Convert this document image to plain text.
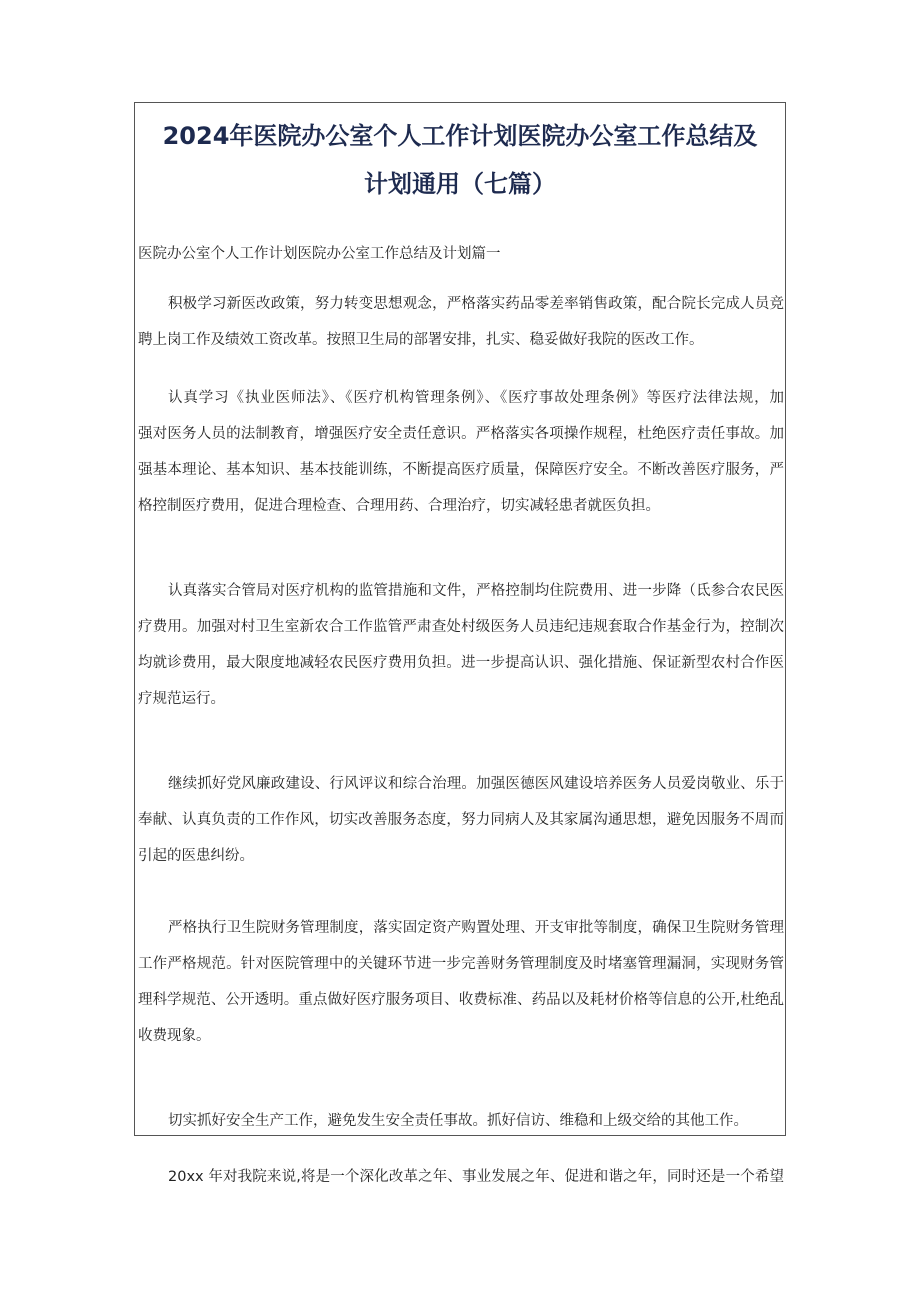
2024年医院办公室个人工作计划医院办公室工作总结及
计划通用（七篇）
医院办公室个人工作计划医院办公室工作总结及计划篇一

积极学习新医改政策，努力转变思想观念，严格落实药品零差率销售政策，配合院长完成人员竞
聘上岗工作及绩效工资改革。按照卫生局的部署安排，扎实、稳妥做好我院的医改工作。

认真学习《执业医师法》、《医疗机构管理条例》、《医疗事故处理条例》等医疗法律法规，加
强对医务人员的法制教育，增强医疗安全责任意识。严格落实各项操作规程，杜绝医疗责任事故。加
强基本理论、基本知识、基本技能训练，不断提高医疗质量，保障医疗安全。不断改善医疗服务，严
格控制医疗费用，促进合理检查、合理用药、合理治疗，切实减轻患者就医负担。

认真落实合管局对医疗机构的监管措施和文件，严格控制均住院费用、进一步降（氐参合农民医
疗费用。加强对村卫生室新农合工作监管严肃查处村级医务人员违纪违规套取合作基金行为，控制次
均就诊费用，最大限度地减轻农民医疗费用负担。进一步提高认识、强化措施、保证新型农村合作医
疗规范运行。

继续抓好党风廉政建设、行风评议和综合治理。加强医德医风建设培养医务人员爱岗敬业、乐于
奉献、认真负责的工作作风，切实改善服务态度，努力同病人及其家属沟通思想，避免因服务不周而
引起的医患纠纷。

严格执行卫生院财务管理制度，落实固定资产购置处理、开支审批等制度，确保卫生院财务管理
工作严格规范。针对医院管理中的关键环节进一步完善财务管理制度及时堵塞管理漏洞，实现财务管
理科学规范、公开透明。重点做好医疗服务项目、收费标准、药品以及耗材价格等信息的公开,杜绝乱
收费现象。

切实抓好安全生产工作，避免发生安全责任事故。抓好信访、维稳和上级交给的其他工作。

20xx 年对我院来说,将是一个深化改革之年、事业发展之年、促进和谐之年，同时还是一个希望
